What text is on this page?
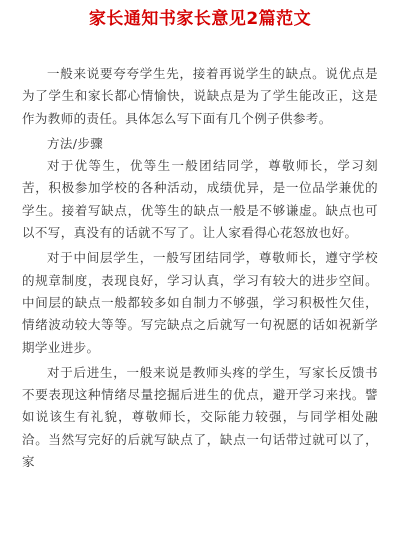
家长通知书家长意见2篇范文

一般来说要夸夸学生先，接着再说学生的缺点。说优点是为了学生和家长都心情愉快，说缺点是为了学生能改正，这是作为教师的责任。具体怎么写下面有几个例子供参考。

方法/步骤

对于优等生，优等生一般团结同学，尊敬师长，学习刻苦，积极参加学校的各种活动，成绩优异，是一位品学兼优的学生。接着写缺点，优等生的缺点一般是不够谦虚。缺点也可以不写，真没有的话就不写了。让人家看得心花怒放也好。

对于中间层学生，一般写团结同学，尊敬师长，遵守学校的规章制度，表现良好，学习认真，学习有较大的进步空间。中间层的缺点一般都较多如自制力不够强，学习积极性欠佳，情绪波动较大等等。写完缺点之后就写一句祝愿的话如祝新学期学业进步。

对于后进生，一般来说是教师头疼的学生，写家长反馈书不要表现这种情绪尽量挖掘后进生的优点，避开学习来找。譬如说该生有礼貌，尊敬师长，交际能力较强，与同学相处融洽。当然写完好的后就写缺点了，缺点一句话带过就可以了，家
